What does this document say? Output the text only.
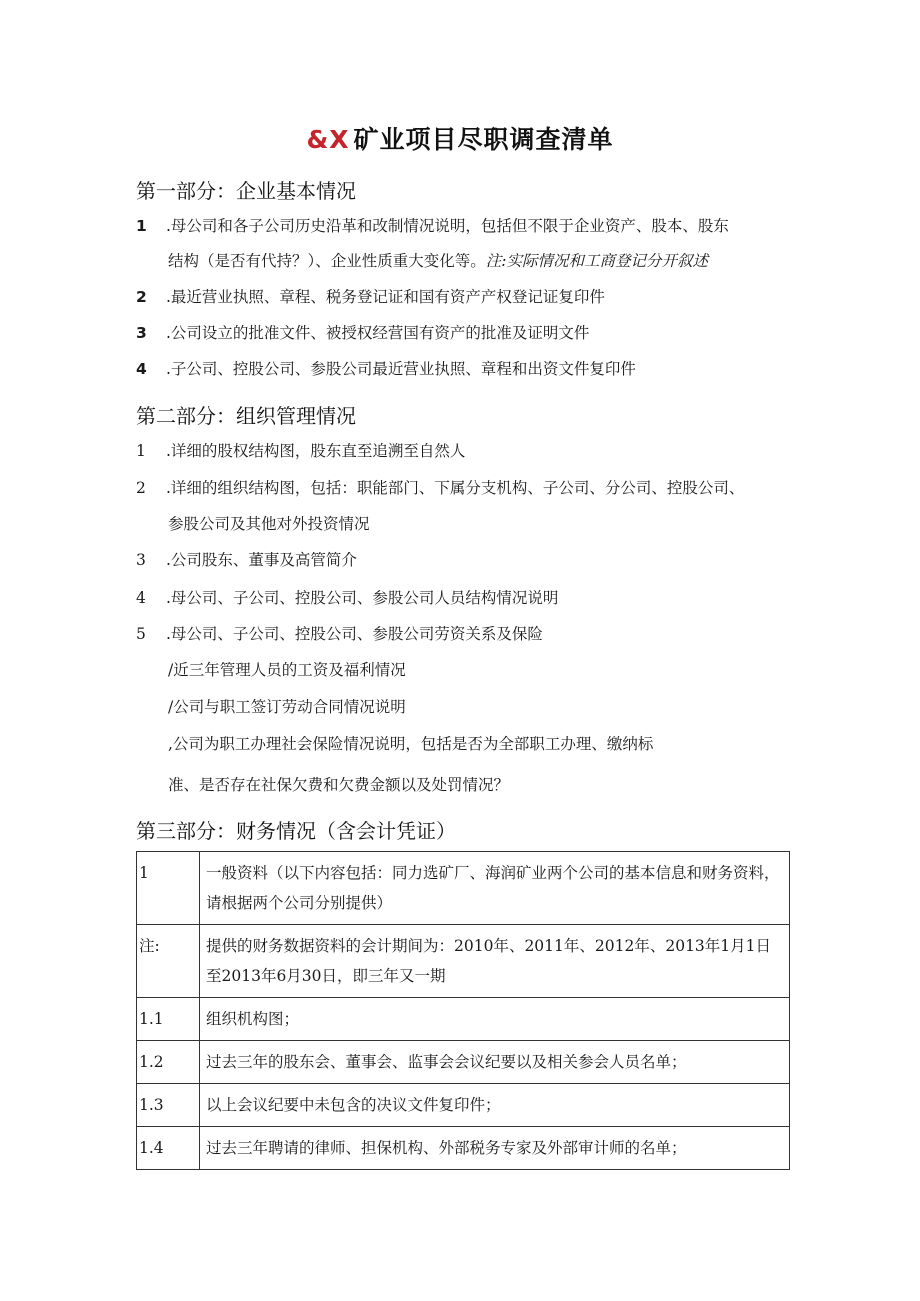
&X 矿业项目尽职调查清单
第一部分：企业基本情况
1 .母公司和各子公司历史沿革和改制情况说明，包括但不限于企业资产、股本、股东
结构（是否有代持？）、企业性质重大变化等。注:实际情况和工商登记分开叙述
2 .最近营业执照、章程、税务登记证和国有资产产权登记证复印件
3 .公司设立的批准文件、被授权经营国有资产的批准及证明文件
4 .子公司、控股公司、参股公司最近营业执照、章程和出资文件复印件
第二部分：组织管理情况
1 .详细的股权结构图，股东直至追溯至自然人
2 .详细的组织结构图，包括：职能部门、下属分支机构、子公司、分公司、控股公司、
参股公司及其他对外投资情况
3 .公司股东、董事及高管简介
4 .母公司、子公司、控股公司、参股公司人员结构情况说明
5 .母公司、子公司、控股公司、参股公司劳资关系及保险
/近三年管理人员的工资及福利情况
/公司与职工签订劳动合同情况说明
,公司为职工办理社会保险情况说明，包括是否为全部职工办理、缴纳标
准、是否存在社保欠费和欠费金额以及处罚情况？
第三部分：财务情况（含会计凭证）
1	一般资料（以下内容包括：同力选矿厂、海润矿业两个公司的基本信息和财务资料，请根据两个公司分别提供）
注:	提供的财务数据资料的会计期间为：2010年、2011年、2012年、2013年1月1日至2013年6月30日，即三年又一期
1.1	组织机构图；
1.2	过去三年的股东会、董事会、监事会会议纪要以及相关参会人员名单；
1.3	以上会议纪要中未包含的决议文件复印件；
1.4	过去三年聘请的律师、担保机构、外部税务专家及外部审计师的名单；
